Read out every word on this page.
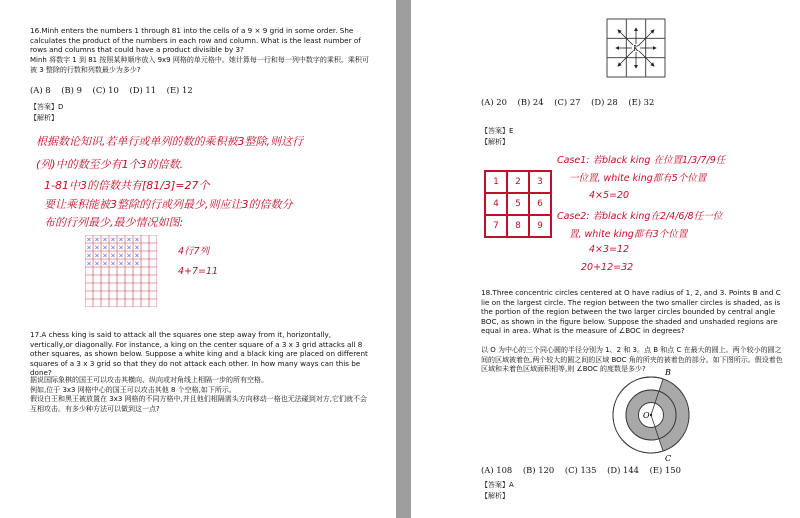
16.Minh enters the numbers 1 through 81 into the cells of a 9 × 9 grid in some order. She calculates the product of the numbers in each row and column. What is the least number of rows and columns that could have a product divisible by 3?
Minh 将数字 1 到 81 按照某种顺序放入 9x9 网格的单元格中。她计算每一行和每一列中数字的乘积。乘积可被 3 整除的行数和列数最少为多少?
(A) 8    (B) 9    (C) 10    (D) 11    (E) 12
【答案】D
【解析】
根据数论知识,若单行或单列的数的乘积被3整除,则这行
(列)中的数至少有1个3的倍数.
1-81中3的倍数共有[81/3]=27个
要让乘积能被3整除的行或列最少,则应让3的倍数分
布的行列最少,最少情况如图:
× × × × × × ×
× × × × × × ×
× × × × × × ×
× × × × × × ×
4行7列
4+7=11
17.A chess king is said to attack all the squares one step away from it, horizontally, vertically,or diagonally. For instance, a king on the center square of a 3 x 3 grid attacks all 8 other squares, as shown below. Suppose a white king and a black king are placed on different squares of a 3 x 3 grid so that they do not attack each other. In how many ways can this be done?
据说国际象棋的国王可以攻击其横向、纵向或对角线上相隔一步的所有空格。
例如,位于 3x3 网格中心的国王可以攻击其他 8 个空格,如下所示。
假设白王和黑王被放置在 3x3 网格的不同方格中,并且他们相隔需头方向移动一格也无法碰到对方,它们就不会互相攻击。有多少种方法可以做到这一点?
K
(A) 20    (B) 24    (C) 27    (D) 28    (E) 32
【答案】E
【解析】
1	2	3
4	5	6
7	8	9
Case1: 若black king 在位置1/3/7/9任
一位置, white king都有5个位置
4×5=20
Case2: 若black king在2/4/6/8任一位
置, white king都有3个位置
4×3=12
20+12=32
18.Three concentric circles centered at O have radius of 1, 2, and 3. Points B and C lie on the largest circle. The region between the two smaller circles is shaded, as is the portion of the region between the two larger circles bounded by central angle BOC, as shown in the figure below. Suppose the shaded and unshaded regions are equal in area. What is the measure of ∠BOC in degrees?
以 O 为中心的三个同心圆的半径分别为 1、2 和 3。点 B 和点 C 在最大的圆上。两个较小的圆之间的区域被着色,两个较大的圆之间的区域 BOC 角的所夹的被着色的部分。如下图所示。假设着色区域和未着色区域面积相等,则 ∠BOC 的度数是多少?	B
C
O
(A) 108    (B) 120    (C) 135    (D) 144    (E) 150
【答案】A
【解析】
